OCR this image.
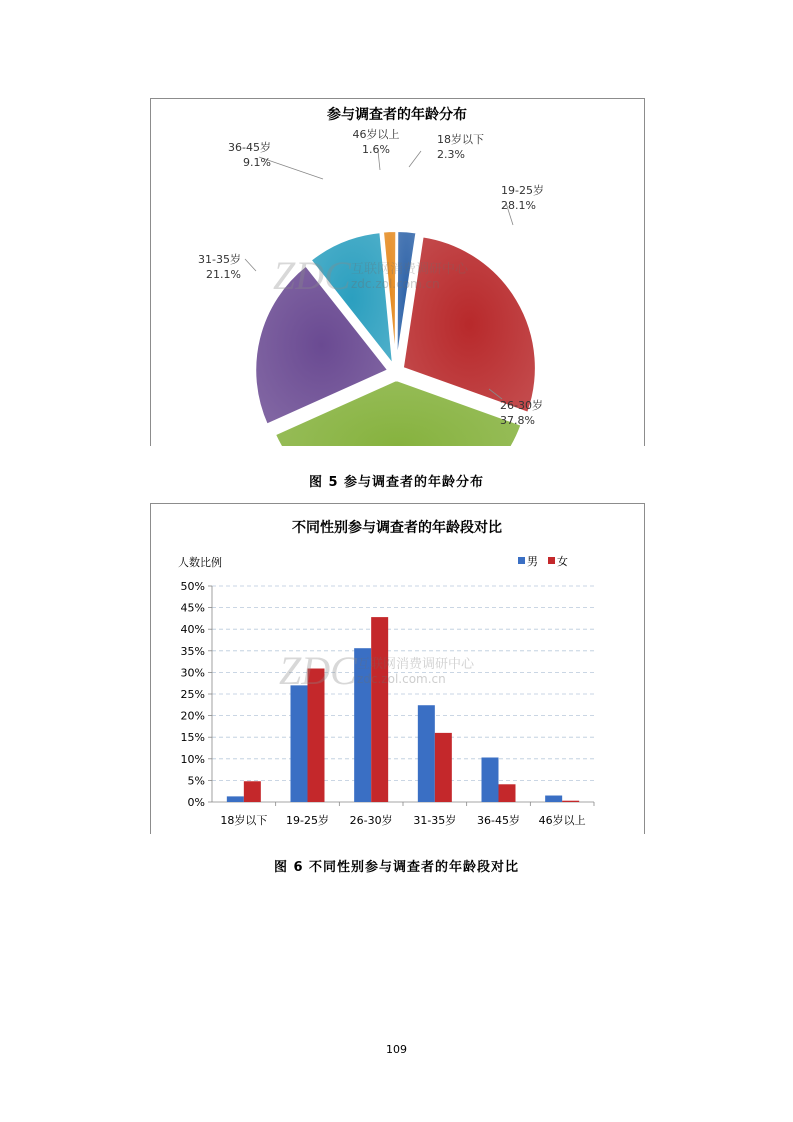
参与调查者的年龄分布
18岁以下
2.3%
19-25岁
28.1%
26-30岁
37.8%
31-35岁
21.1%
36-45岁
9.1%
46岁以上
1.6%
ZDC 互联网消费调研中心
zdc.zol.com.cn
图 5 参与调查者的年龄分布
不同性别参与调查者的年龄段对比
人数比例	男 女
0%
5%
10%
15%
20%
25%
30%
35%
40%
45%
50%
18岁以下 19-25岁 26-30岁 31-35岁 36-45岁 46岁以上
ZDC 互联网消费调研中心
zdc.zol.com.cn
图 6 不同性别参与调查者的年龄段对比
109
